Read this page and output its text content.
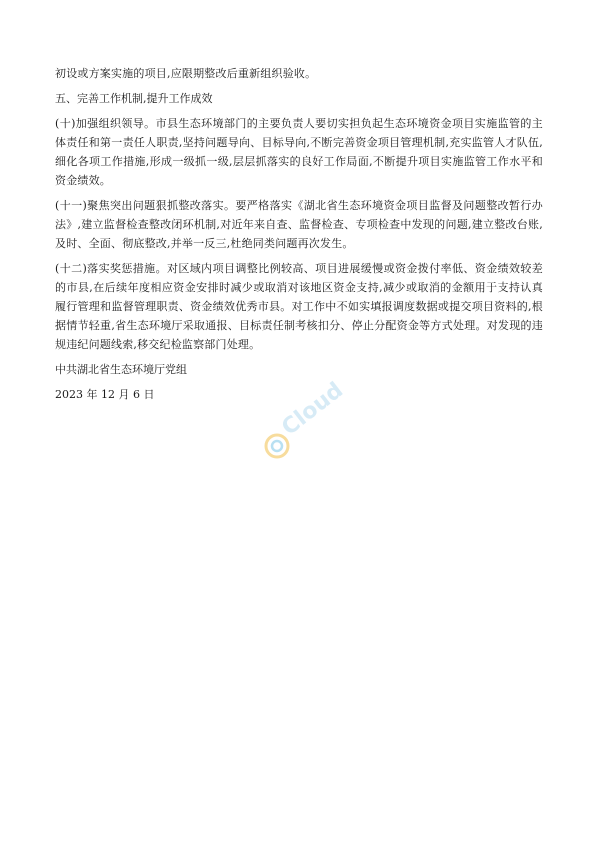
初设或方案实施的项目,应限期整改后重新组织验收。

五、完善工作机制,提升工作成效

(十)加强组织领导。市县生态环境部门的主要负责人要切实担负起生态环境资金项目实施监管的主体责任和第一责任人职责,坚持问题导向、目标导向,不断完善资金项目管理机制,充实监管人才队伍,细化各项工作措施,形成一级抓一级,层层抓落实的良好工作局面,不断提升项目实施监管工作水平和资金绩效。

(十一)聚焦突出问题狠抓整改落实。要严格落实《湖北省生态环境资金项目监督及问题整改暂行办法》,建立监督检查整改闭环机制,对近年来自查、监督检查、专项检查中发现的问题,建立整改台账,及时、全面、彻底整改,并举一反三,杜绝同类问题再次发生。

(十二)落实奖惩措施。对区域内项目调整比例较高、项目进展缓慢或资金拨付率低、资金绩效较差的市县,在后续年度相应资金安排时减少或取消对该地区资金支持,减少或取消的金额用于支持认真履行管理和监督管理职责、资金绩效优秀市县。对工作中不如实填报调度数据或提交项目资料的,根据情节轻重,省生态环境厅采取通报、目标责任制考核扣分、停止分配资金等方式处理。对发现的违规违纪问题线索,移交纪检监察部门处理。

中共湖北省生态环境厅党组

2023 年 12 月 6 日	Cloud
